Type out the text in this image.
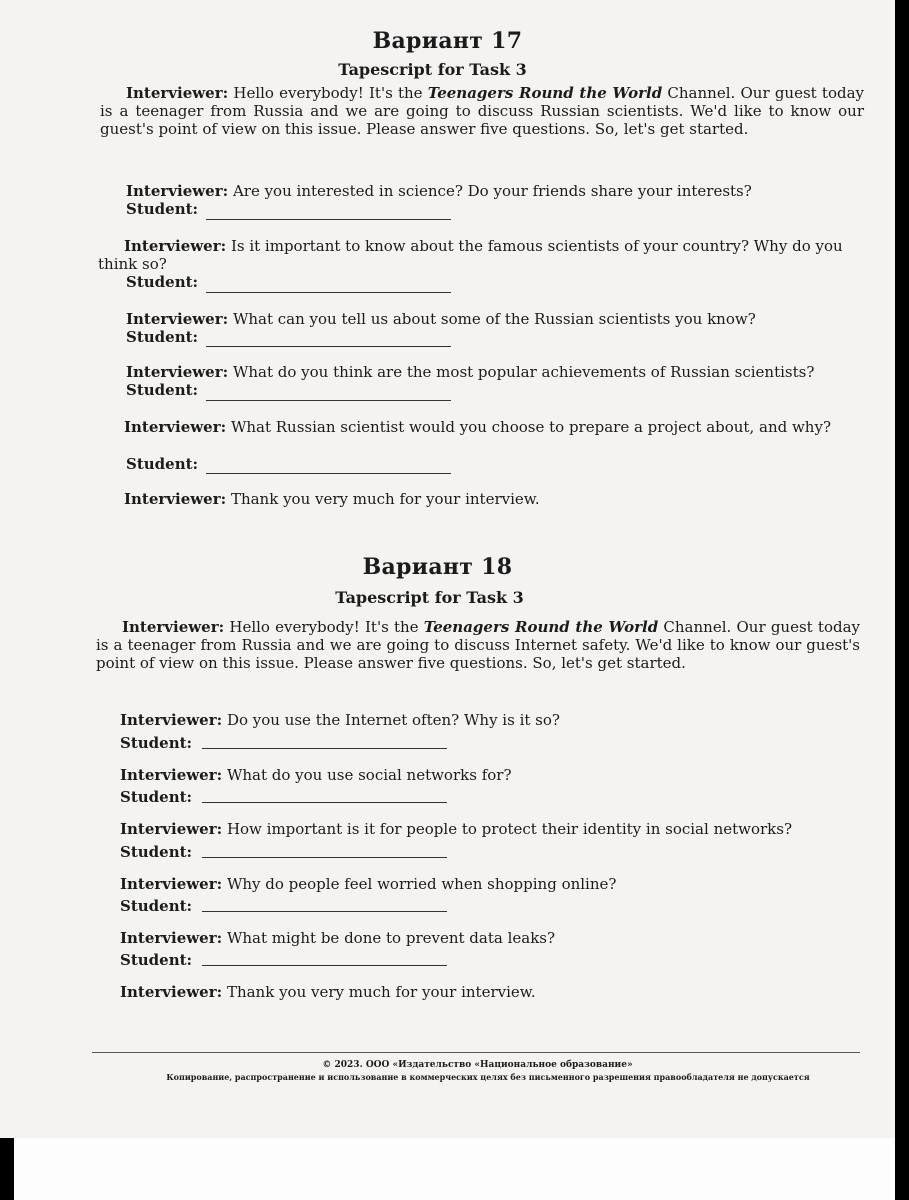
Вариант 17
Tapescript for Task 3
Interviewer: Hello everybody! It's the Teenagers Round the World Channel. Our guest today is a teenager from Russia and we are going to discuss Russian scientists. We'd like to know our guest's point of view on this issue. Please answer five questions. So, let's get started.
Interviewer: Are you interested in science? Do your friends share your interests?
Student:
Interviewer: Is it important to know about the famous scientists of your country? Why do you think so?
Student:
Interviewer: What can you tell us about some of the Russian scientists you know?
Student:
Interviewer: What do you think are the most popular achievements of Russian scientists?
Student:
Interviewer: What Russian scientist would you choose to prepare a project about, and why?
Student:
Interviewer: Thank you very much for your interview.
Вариант 18
Tapescript for Task 3
Interviewer: Hello everybody! It's the Teenagers Round the World Channel. Our guest today is a teenager from Russia and we are going to discuss Internet safety. We'd like to know our guest's point of view on this issue. Please answer five questions. So, let's get started.
Interviewer: Do you use the Internet often? Why is it so?
Student:
Interviewer: What do you use social networks for?
Student:
Interviewer: How important is it for people to protect their identity in social networks?
Student:
Interviewer: Why do people feel worried when shopping online?
Student:
Interviewer: What might be done to prevent data leaks?
Student:
Interviewer: Thank you very much for your interview.
© 2023. ООО «Издательство «Национальное образование»
Копирование, распространение и использование в коммерческих целях без письменного разрешения правообладателя не допускается
